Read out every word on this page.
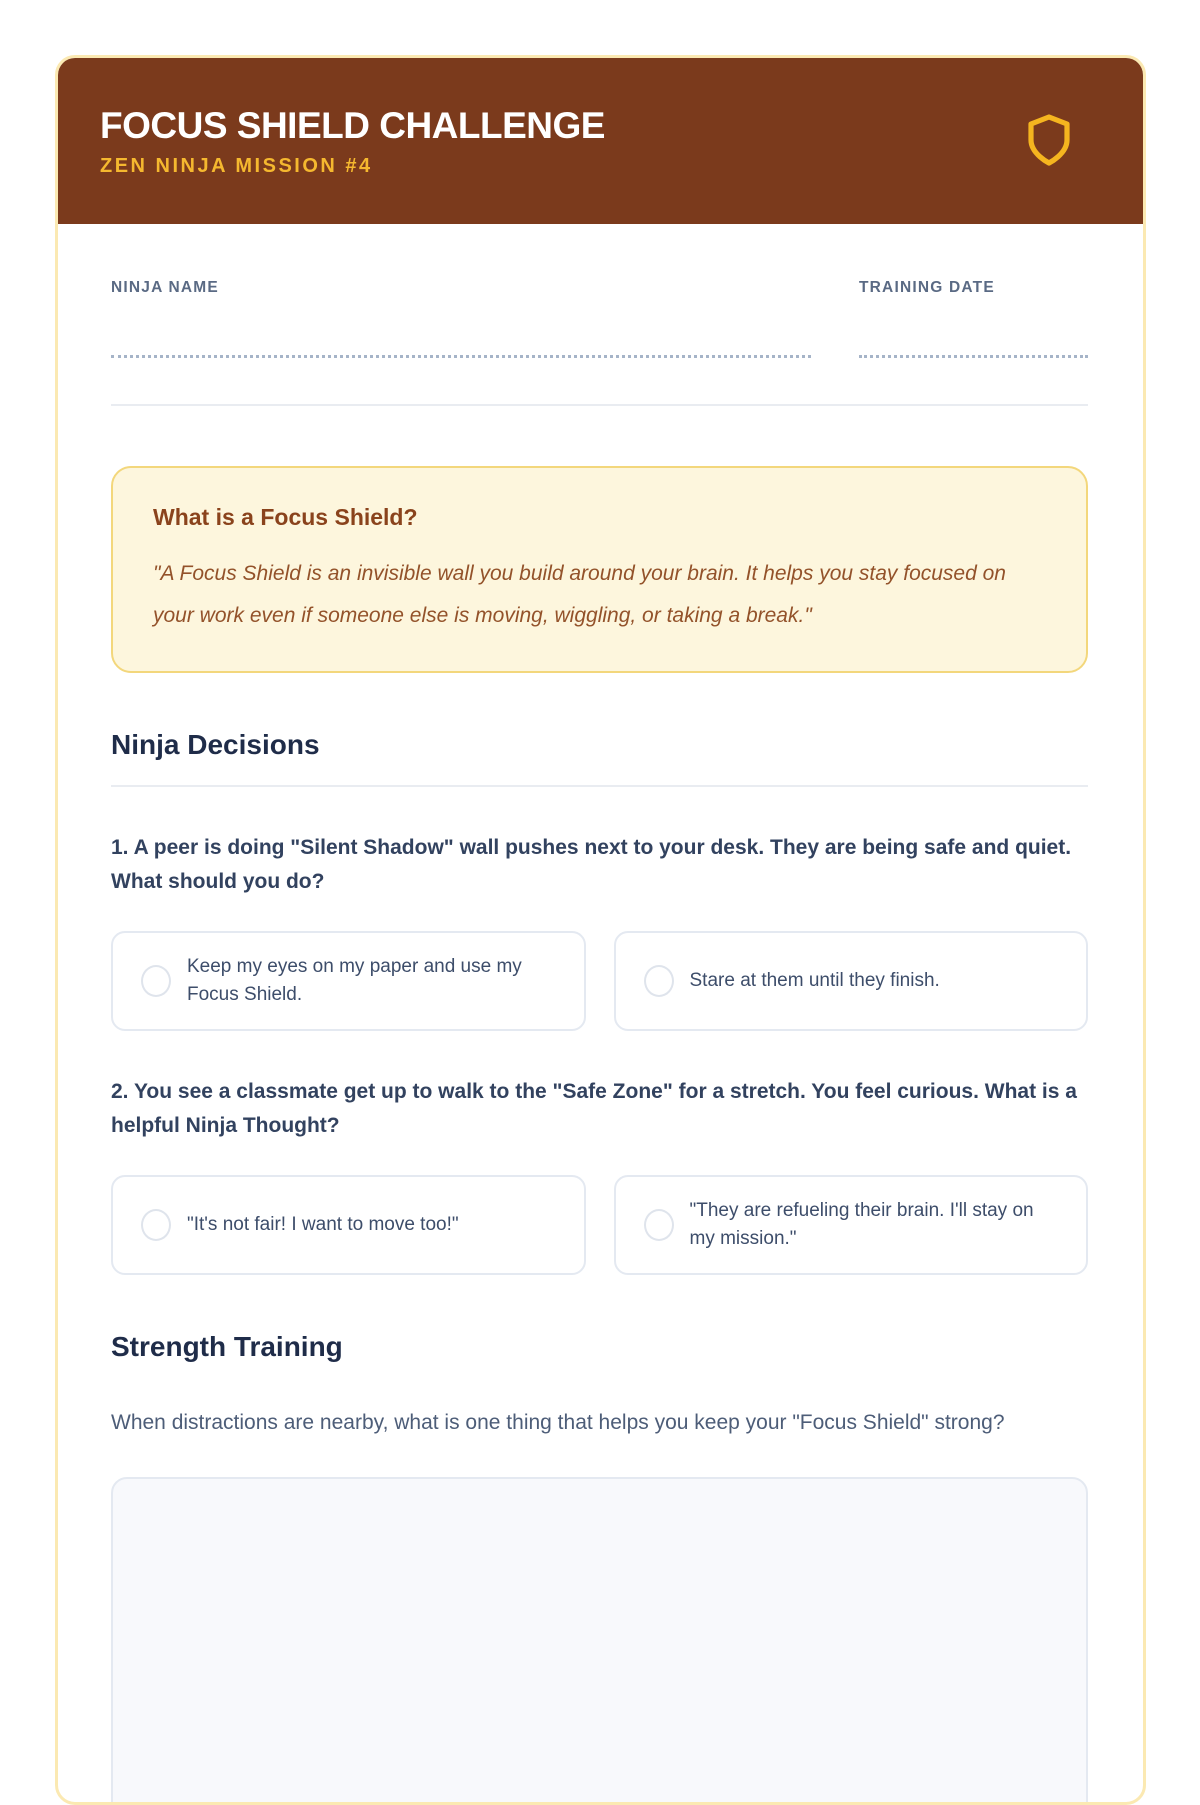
FOCUS SHIELD CHALLENGE
ZEN NINJA MISSION #4
NINJA NAME	TRAINING DATE
What is a Focus Shield?

"A Focus Shield is an invisible wall you build around your brain. It helps you stay focused on your work even if someone else is moving, wiggling, or taking a break."

Ninja Decisions

1. A peer is doing "Silent Shadow" wall pushes next to your desk. They are being safe and quiet. What should you do?

Keep my eyes on my paper and use my Focus Shield.
Stare at them until they finish.

2. You see a classmate get up to walk to the "Safe Zone" for a stretch. You feel curious. What is a helpful Ninja Thought?

"It's not fair! I want to move too!"
"They are refueling their brain. I'll stay on my mission."
Strength Training

When distractions are nearby, what is one thing that helps you keep your "Focus Shield" strong?
